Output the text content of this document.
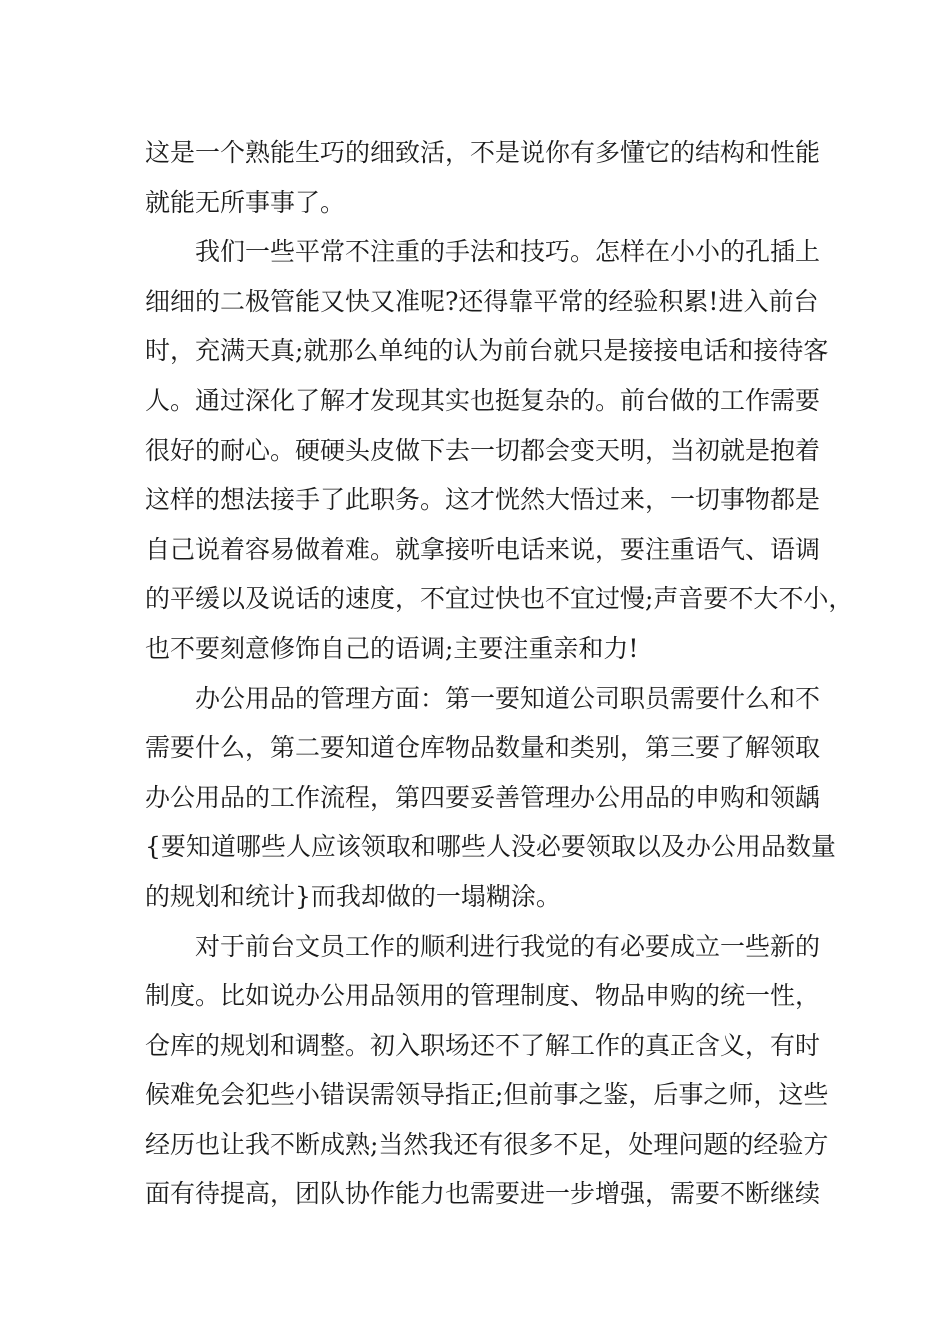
这是一个熟能生巧的细致活，不是说你有多懂它的结构和性能
就能无所事事了。
我们一些平常不注重的手法和技巧。怎样在小小的孔插上
细细的二极管能又快又准呢?还得靠平常的经验积累!进入前台
时，充满天真;就那么单纯的认为前台就只是接接电话和接待客
人。通过深化了解才发现其实也挺复杂的。前台做的工作需要
很好的耐心。硬硬头皮做下去一切都会变天明，当初就是抱着
这样的想法接手了此职务。这才恍然大悟过来，一切事物都是
自己说着容易做着难。就拿接听电话来说，要注重语气、语调
的平缓以及说话的速度，不宜过快也不宜过慢;声音要不大不小，
也不要刻意修饰自己的语调;主要注重亲和力!
办公用品的管理方面：第一要知道公司职员需要什么和不
需要什么，第二要知道仓库物品数量和类别，第三要了解领取
办公用品的工作流程，第四要妥善管理办公用品的申购和领龋
{要知道哪些人应该领取和哪些人没必要领取以及办公用品数量
的规划和统计}而我却做的一塌糊涂。
对于前台文员工作的顺利进行我觉的有必要成立一些新的
制度。比如说办公用品领用的管理制度、物品申购的统一性，
仓库的规划和调整。初入职场还不了解工作的真正含义，有时
候难免会犯些小错误需领导指正;但前事之鉴，后事之师，这些
经历也让我不断成熟;当然我还有很多不足，处理问题的经验方
面有待提高，团队协作能力也需要进一步增强，需要不断继续
